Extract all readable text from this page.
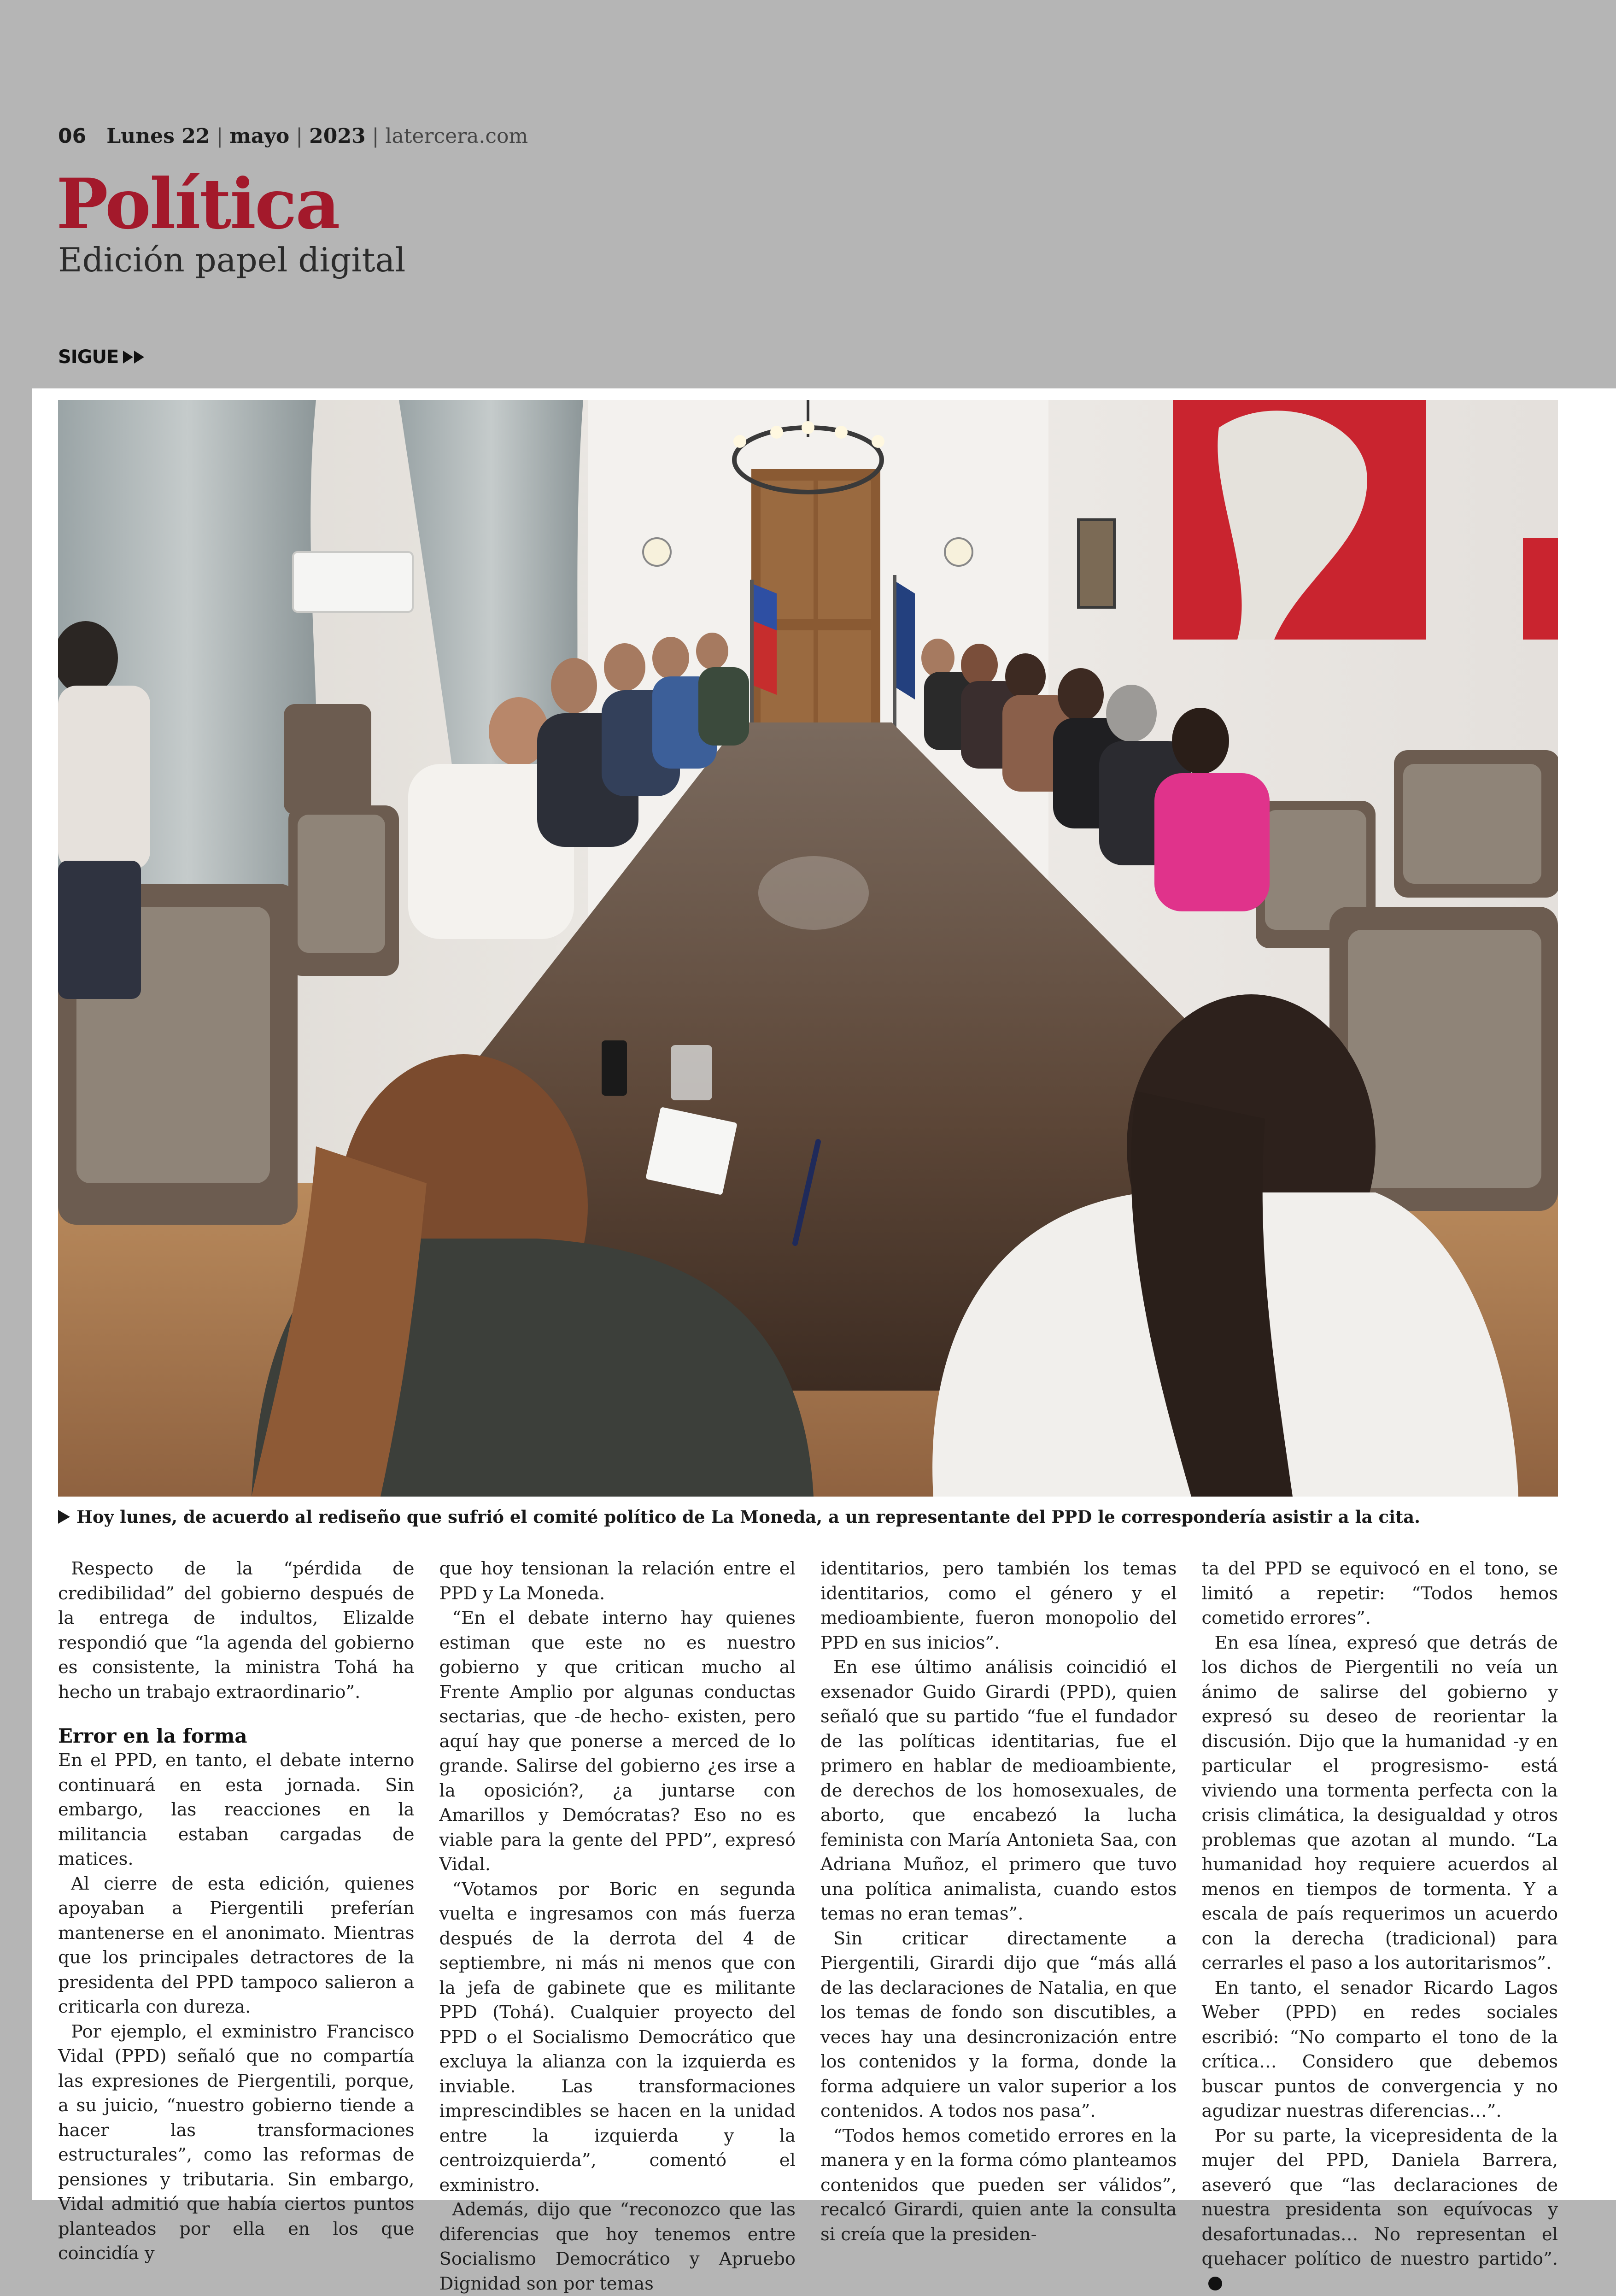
06 Lunes 22 | mayo | 2023 | latercera.com
Política
Edición papel digital
SIGUE
Hoy lunes, de acuerdo al rediseño que sufrió el comité político de La Moneda, a un representante del PPD le correspondería asistir a la cita.

Respecto de la “pérdida de credibilidad” del gobierno después de la entrega de indultos, Elizalde respondió que “la agenda del gobierno es consistente, la ministra Tohá ha hecho un trabajo extraordinario”.

Error en la forma

En el PPD, en tanto, el debate interno continuará en esta jornada. Sin embargo, las reacciones en la militancia estaban cargadas de matices.

Al cierre de esta edición, quienes apoyaban a Piergentili preferían mantenerse en el anonimato. Mientras que los principales detractores de la presidenta del PPD tampoco salieron a criticarla con dureza.

Por ejemplo, el exministro Francisco Vidal (PPD) señaló que no compartía las expresiones de Piergentili, porque, a su juicio, “nuestro gobierno tiende a hacer las transformaciones estructurales”, como las reformas de pensiones y tributaria. Sin embargo, Vidal admitió que había ciertos puntos planteados por ella en los que coincidía y

que hoy tensionan la relación entre el PPD y La Moneda.

“En el debate interno hay quienes estiman que este no es nuestro gobierno y que critican mucho al Frente Amplio por algunas conductas sectarias, que -de hecho- existen, pero aquí hay que ponerse a merced de lo grande. Salirse del gobierno ¿es irse a la oposición?, ¿a juntarse con Amarillos y Demócratas? Eso no es viable para la gente del PPD”, expresó Vidal.

“Votamos por Boric en segunda vuelta e ingresamos con más fuerza después de la derrota del 4 de septiembre, ni más ni menos que con la jefa de gabinete que es militante PPD (Tohá). Cualquier proyecto del PPD o el Socialismo Democrático que excluya la alianza con la izquierda es inviable. Las transformaciones imprescindibles se hacen en la unidad entre la izquierda y la centroizquierda”, comentó el exministro.

Además, dijo que “reconozco que las diferencias que hoy tenemos entre Socialismo Democrático y Apruebo Dignidad son por temas

identitarios, pero también los temas identitarios, como el género y el medioambiente, fueron monopolio del PPD en sus inicios”.

En ese último análisis coincidió el exsenador Guido Girardi (PPD), quien señaló que su partido “fue el fundador de las políticas identitarias, fue el primero en hablar de medioambiente, de derechos de los homosexuales, de aborto, que encabezó la lucha feminista con María Antonieta Saa, con Adriana Muñoz, el primero que tuvo una política animalista, cuando estos temas no eran temas”.

Sin criticar directamente a Piergentili, Girardi dijo que “más allá de las declaraciones de Natalia, en que los temas de fondo son discutibles, a veces hay una desincronización entre los contenidos y la forma, donde la forma adquiere un valor superior a los contenidos. A todos nos pasa”.

“Todos hemos cometido errores en la manera y en la forma cómo planteamos contenidos que pueden ser válidos”, recalcó Girardi, quien ante la consulta si creía que la presiden-

ta del PPD se equivocó en el tono, se limitó a repetir: “Todos hemos cometido errores”.

En esa línea, expresó que detrás de los dichos de Piergentili no veía un ánimo de salirse del gobierno y expresó su deseo de reorientar la discusión. Dijo que la humanidad -y en particular el progresismo- está viviendo una tormenta perfecta con la crisis climática, la desigualdad y otros problemas que azotan al mundo. “La humanidad hoy requiere acuerdos al menos en tiempos de tormenta. Y a escala de país requerimos un acuerdo con la derecha (tradicional) para cerrarles el paso a los autoritarismos”.

En tanto, el senador Ricardo Lagos Weber (PPD) en redes sociales escribió: “No comparto el tono de la crítica… Considero que debemos buscar puntos de convergencia y no agudizar nuestras diferencias…”.

Por su parte, la vicepresidenta de la mujer del PPD, Daniela Barrera, aseveró que “las declaraciones de nuestra presidenta son equívocas y desafortunadas… No representan el quehacer político de nuestro partido”.
